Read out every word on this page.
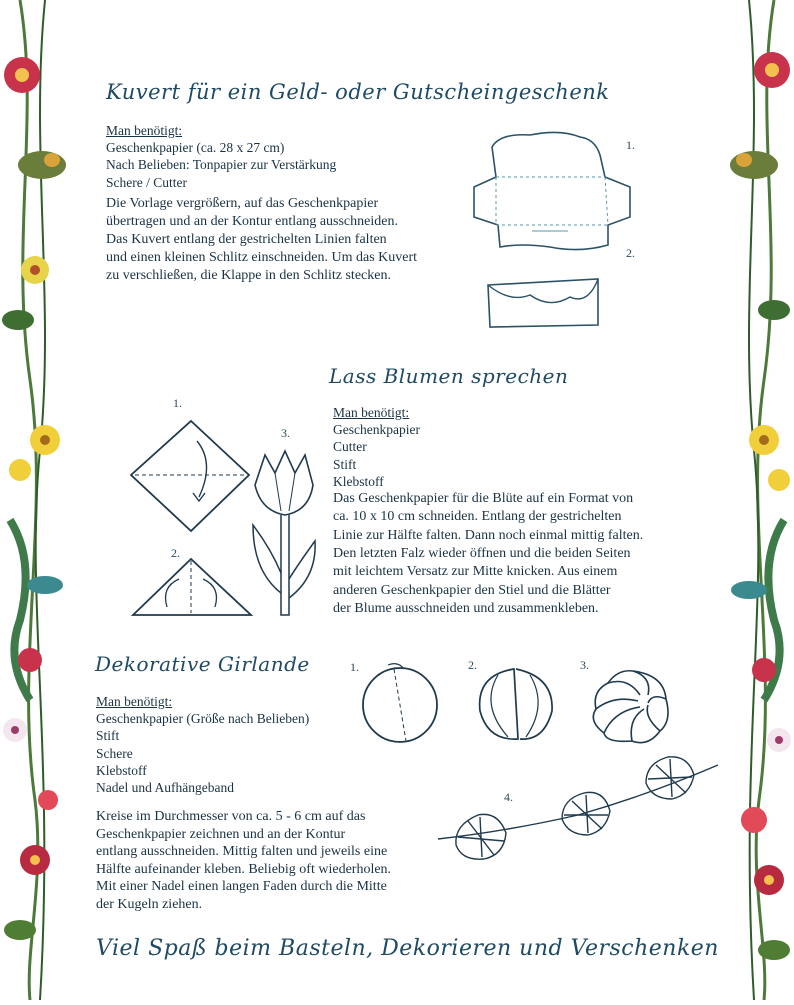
Kuvert für ein Geld- oder Gutscheingeschenk
Man benötigt:
Geschenkpapier (ca. 28 x 27 cm)
Nach Belieben: Tonpapier zur Verstärkung
Schere / Cutter
Die Vorlage vergrößern, auf das Geschenkpapier
übertragen und an der Kontur entlang ausschneiden.
Das Kuvert entlang der gestrichelten Linien falten
und einen kleinen Schlitz einschneiden. Um das Kuvert
zu verschließen, die Klappe in den Schlitz stecken.
1.
2.
Lass Blumen sprechen
Man benötigt:
Geschenkpapier
Cutter
Stift
Klebstoff
Das Geschenkpapier für die Blüte auf ein Format von
ca. 10 x 10 cm schneiden. Entlang der gestrichelten
Linie zur Hälfte falten. Dann noch einmal mittig falten.
Den letzten Falz wieder öffnen und die beiden Seiten
mit leichtem Versatz zur Mitte knicken. Aus einem
anderen Geschenkpapier den Stiel und die Blätter
der Blume ausschneiden und zusammenkleben.
1.
2.
3.
Dekorative Girlande
Man benötigt:
Geschenkpapier (Größe nach Belieben)
Stift
Schere
Klebstoff
Nadel und Aufhängeband
Kreise im Durchmesser von ca. 5 - 6 cm auf das
Geschenkpapier zeichnen und an der Kontur
entlang ausschneiden. Mittig falten und jeweils eine
Hälfte aufeinander kleben. Beliebig oft wiederholen.
Mit einer Nadel einen langen Faden durch die Mitte
der Kugeln ziehen.
1.	2.	3.
4.
Viel Spaß beim Basteln, Dekorieren und Verschenken
